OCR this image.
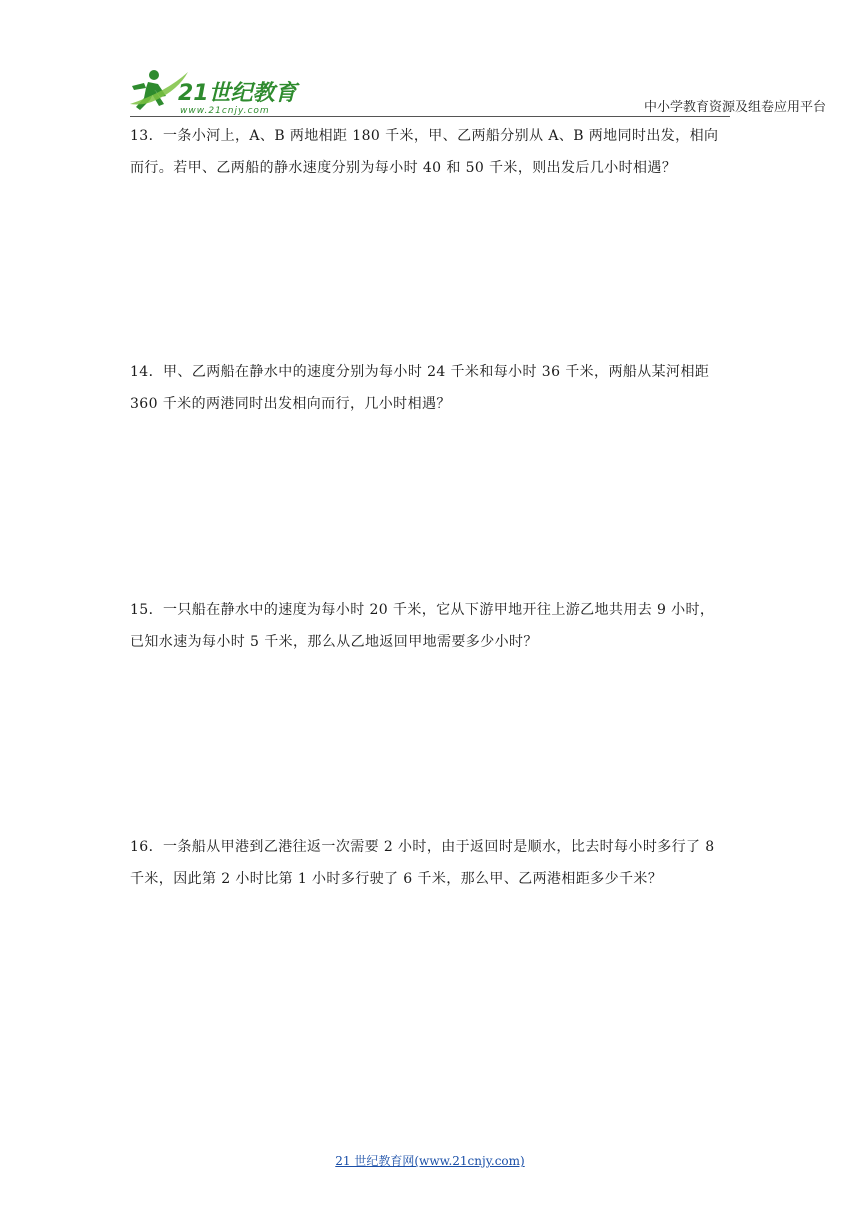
21世纪教育
www.21cnjy.com	中小学教育资源及组卷应用平台
13．一条小河上，A、B 两地相距 180 千米，甲、乙两船分别从 A、B 两地同时出发，相向
而行。若甲、乙两船的静水速度分别为每小时 40 和 50 千米，则出发后几小时相遇？
14．甲、乙两船在静水中的速度分别为每小时 24 千米和每小时 36 千米，两船从某河相距
360 千米的两港同时出发相向而行，几小时相遇？
15．一只船在静水中的速度为每小时 20 千米，它从下游甲地开往上游乙地共用去 9 小时，
已知水速为每小时 5 千米，那么从乙地返回甲地需要多少小时？
16．一条船从甲港到乙港往返一次需要 2 小时，由于返回时是顺水，比去时每小时多行了 8
千米，因此第 2 小时比第 1 小时多行驶了 6 千米，那么甲、乙两港相距多少千米？
21 世纪教育网(www.21cnjy.com)
